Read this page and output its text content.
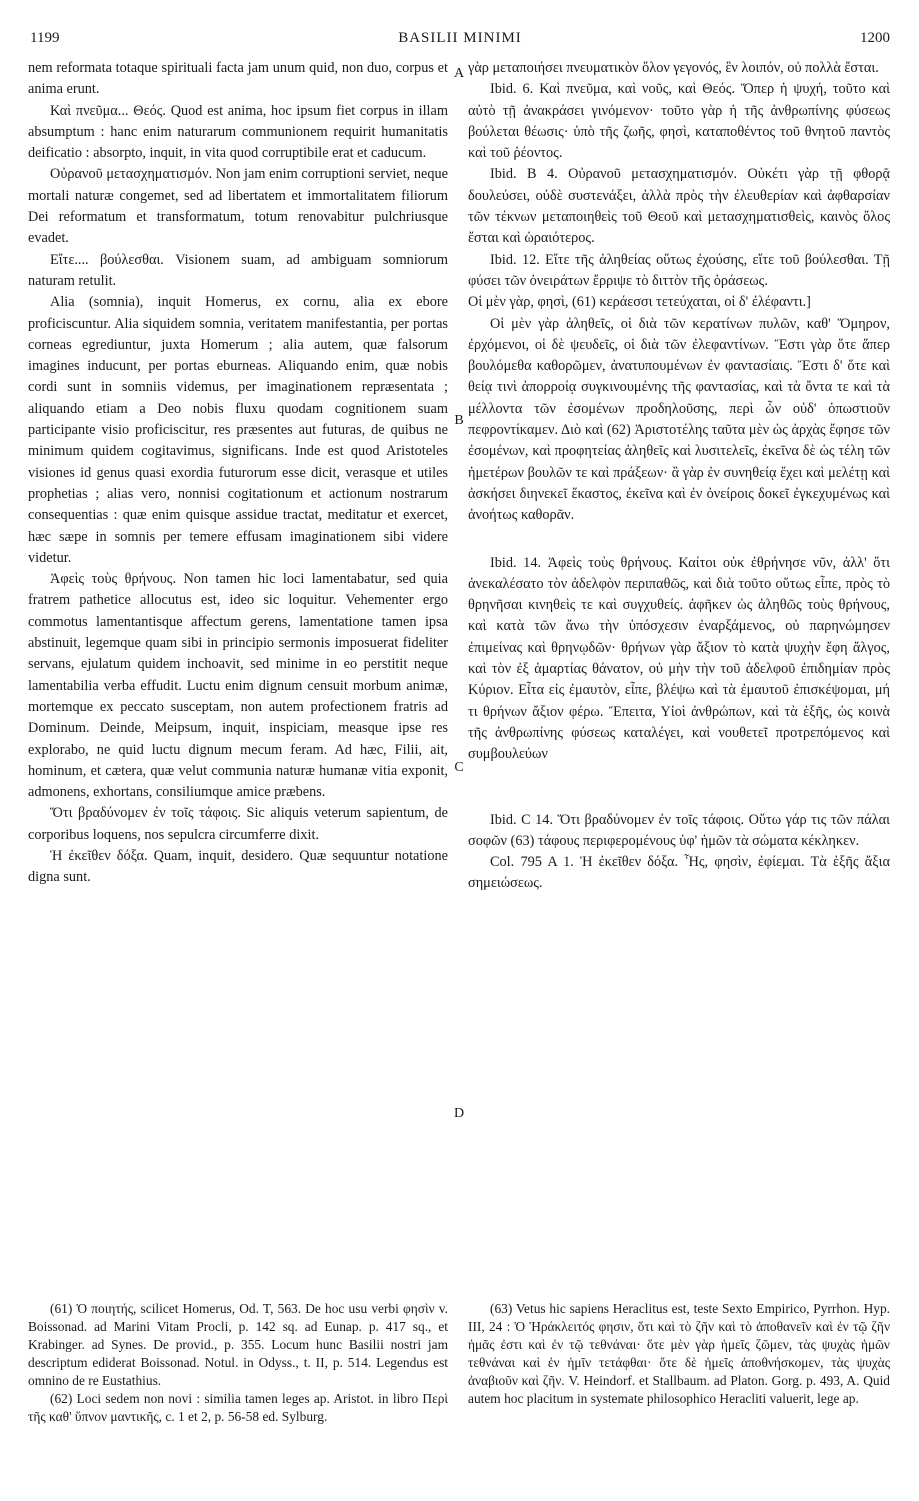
1199	BASILII MINIMI	1200
A
B
C
D

nem reformata totaque spirituali facta jam unum quid, non duo, corpus et anima erunt.

Καὶ πνεῦμα... Θεός. Quod est anima, hoc ipsum fiet corpus in illam absumptum : hanc enim naturarum communionem requirit humanitatis deificatio : absorpto, inquit, in vita quod corruptibile erat et caducum.

Οὐρανοῦ μετασχηματισμόν. Non jam enim corruptioni serviet, neque mortali naturæ congemet, sed ad libertatem et immortalitatem filiorum Dei reformatum et transformatum, totum renovabitur pulchriusque evadet.

Εἴτε.... βούλεσθαι. Visionem suam, ad ambiguam somniorum naturam retulit.

Alia (somnia), inquit Homerus, ex cornu, alia ex ebore proficiscuntur. Alia siquidem somnia, veritatem manifestantia, per portas corneas egrediuntur, juxta Homerum ; alia autem, quæ falsorum imagines inducunt, per portas eburneas. Aliquando enim, quæ nobis cordi sunt in somniis videmus, per imaginationem repræsentata ; aliquando etiam a Deo nobis fluxu quodam cognitionem suam participante visio proficiscitur, res præsentes aut futuras, de quibus ne minimum quidem cogitavimus, significans. Inde est quod Aristoteles visiones id genus quasi exordia futurorum esse dicit, verasque et utiles prophetias ; alias vero, nonnisi cogitationum et actionum nostrarum consequentias : quæ enim quisque assidue tractat, meditatur et exercet, hæc sæpe in somnis per temere effusam imaginationem sibi videre videtur.

Ἀφεὶς τοὺς θρήνους. Non tamen hic loci lamentabatur, sed quia fratrem pathetice allocutus est, ideo sic loquitur. Vehementer ergo commotus lamentantisque affectum gerens, lamentatione tamen ipsa abstinuit, legemque quam sibi in principio sermonis imposuerat fideliter servans, ejulatum quidem inchoavit, sed minime in eo perstitit neque lamentabilia verba effudit. Luctu enim dignum censuit morbum animæ, mortemque ex peccato susceptam, non autem profectionem fratris ad Dominum. Deinde, Meipsum, inquit, inspiciam, measque ipse res explorabo, ne quid luctu dignum mecum feram. Ad hæc, Filii, ait, hominum, et cætera, quæ velut communia naturæ humanæ vitia exponit, admonens, exhortans, consiliumque amice præbens.

Ὅτι βραδύνομεν ἐν τοῖς τάφοις. Sic aliquis veterum sapientum, de corporibus loquens, nos sepulcra circumferre dixit.

Ἡ ἐκεῖθεν δόξα. Quam, inquit, desidero. Quæ sequuntur notatione digna sunt.

γὰρ μεταποιήσει πνευματικὸν ὅλον γεγονός, ἓν λοιπόν, οὐ πολλὰ ἔσται.

Ibid. 6. Καὶ πνεῦμα, καὶ νοῦς, καὶ Θεός. Ὅπερ ἡ ψυχή, τοῦτο καὶ αὐτὸ τῇ ἀνακράσει γινόμενον· τοῦτο γὰρ ἡ τῆς ἀνθρωπίνης φύσεως βούλεται θέωσις· ὑπὸ τῆς ζωῆς, φησὶ, καταποθέντος τοῦ θνητοῦ παντὸς καὶ τοῦ ῥέοντος.

Ibid. B 4. Οὐρανοῦ μετασχηματισμόν. Οὐκέτι γὰρ τῇ φθορᾷ δουλεύσει, οὐδὲ συστενάξει, ἀλλὰ πρὸς τὴν ἐλευθερίαν καὶ ἀφθαρσίαν τῶν τέκνων μεταποιηθεὶς τοῦ Θεοῦ καὶ μετασχηματισθεὶς, καινὸς ὅλος ἔσται καὶ ὡραιότερος.

Ibid. 12. Εἴτε τῆς ἀληθείας οὕτως ἐχούσης, εἴτε τοῦ βούλεσθαι. Τῇ φύσει τῶν ὀνειράτων ἔρριψε τὸ διττὸν τῆς ὁράσεως.

Οἱ μὲν γὰρ, φησὶ, (61) κεράεσσι τετεύχαται, οἱ δ' ἐλέφαντι.]

Οἱ μὲν γὰρ ἀληθεῖς, οἱ διὰ τῶν κερατίνων πυλῶν, καθ' Ὅμηρον, ἐρχόμενοι, οἱ δὲ ψευδεῖς, οἱ διὰ τῶν ἐλεφαντίνων. Ἔστι γὰρ ὅτε ἅπερ βουλόμεθα καθορῶμεν, ἀνατυπουμένων ἐν φαντασίαις. Ἔστι δ' ὅτε καὶ θείᾳ τινὶ ἀπορροίᾳ συγκινουμένης τῆς φαντασίας, καὶ τὰ ὄντα τε καὶ τὰ μέλλοντα τῶν ἐσομένων προδηλοῦσης, περὶ ὧν οὐδ' ὁπωστιοῦν πεφροντίκαμεν. Διὸ καὶ (62) Ἀριστοτέλης ταῦτα μὲν ὡς ἀρχὰς ἔφησε τῶν ἐσομένων, καὶ προφητείας ἀληθεῖς καὶ λυσιτελεῖς, ἐκεῖνα δὲ ὡς τέλη τῶν ἡμετέρων βουλῶν τε καὶ πράξεων· ἃ γὰρ ἐν συνηθείᾳ ἔχει καὶ μελέτῃ καὶ ἀσκήσει διηνεκεῖ ἕκαστος, ἐκεῖνα καὶ ἐν ὀνείροις δοκεῖ ἐγκεχυμένως καὶ ἀνοήτως καθορᾶν.

Ibid. 14. Ἀφεὶς τοὺς θρήνους. Καίτοι οὐκ ἐθρήνησε νῦν, ἀλλ' ὅτι ἀνεκαλέσατο τὸν ἀδελφὸν περιπαθῶς, καὶ διὰ τοῦτο οὕτως εἶπε, πρὸς τὸ θρηνῆσαι κινηθεὶς τε καὶ συγχυθείς. ἀφῆκεν ὡς ἀληθῶς τοὺς θρήνους, καὶ κατὰ τῶν ἄνω τὴν ὑπόσχεσιν ἐναρξάμενος, οὐ παρηνώμησεν ἐπιμείνας καὶ θρηνῳδῶν· θρήνων γὰρ ἄξιον τὸ κατὰ ψυχὴν ἔφη ἄλγος, καὶ τὸν ἐξ ἁμαρτίας θάνατον, οὐ μὴν τὴν τοῦ ἀδελφοῦ ἐπιδημίαν πρὸς Κύριον. Εἶτα εἰς ἐμαυτὸν, εἶπε, βλέψω καὶ τὰ ἐμαυτοῦ ἐπισκέψομαι, μή τι θρήνων ἄξιον φέρω. Ἔπειτα, Υἱοὶ ἀνθρώπων, καὶ τὰ ἑξῆς, ὡς κοινὰ τῆς ἀνθρωπίνης φύσεως καταλέγει, καὶ νουθετεῖ προτρεπόμενος καὶ συμβουλεύων

Ibid. C 14. Ὅτι βραδύνομεν ἐν τοῖς τάφοις. Οὕτω γάρ τις τῶν πάλαι σοφῶν (63) τάφους περιφερομένους ὑφ' ἡμῶν τὰ σώματα κέκληκεν.

Col. 795 A 1. Ἡ ἐκεῖθεν δόξα. Ἧς, φησὶν, ἐφίεμαι. Τὰ ἑξῆς ἄξια σημειώσεως.

(61) Ὁ ποιητής, scilicet Homerus, Od. T, 563. De hoc usu verbi φησὶν v. Boissonad. ad Marini Vitam Procli, p. 142 sq. ad Eunap. p. 417 sq., et Krabinger. ad Synes. De provid., p. 355. Locum hunc Basilii nostri jam descriptum ediderat Boissonad. Notul. in Odyss., t. II, p. 514. Legendus est omnino de re Eustathius.

(62) Loci sedem non novi : similia tamen leges ap. Aristot. in libro Περὶ τῆς καθ' ὕπνον μαντικῆς, c. 1 et 2, p. 56-58 ed. Sylburg.

(63) Vetus hic sapiens Heraclitus est, teste Sexto Empirico, Pyrrhon. Hyp. III, 24 : Ὁ Ἡράκλειτός φησιν, ὅτι καὶ τὸ ζῆν καὶ τὸ ἀποθανεῖν καὶ ἐν τῷ ζῆν ἡμᾶς ἐστι καὶ ἐν τῷ τεθνάναι· ὅτε μὲν γὰρ ἡμεῖς ζῶμεν, τὰς ψυχὰς ἡμῶν τεθνάναι καὶ ἐν ἡμῖν τετάφθαι· ὅτε δὲ ἡμεῖς ἀποθνήσκομεν, τὰς ψυχὰς ἀναβιοῦν καὶ ζῆν. V. Heindorf. et Stallbaum. ad Platon. Gorg. p. 493, A. Quid autem hoc placitum in systemate philosophico Heracliti valuerit, lege ap.
